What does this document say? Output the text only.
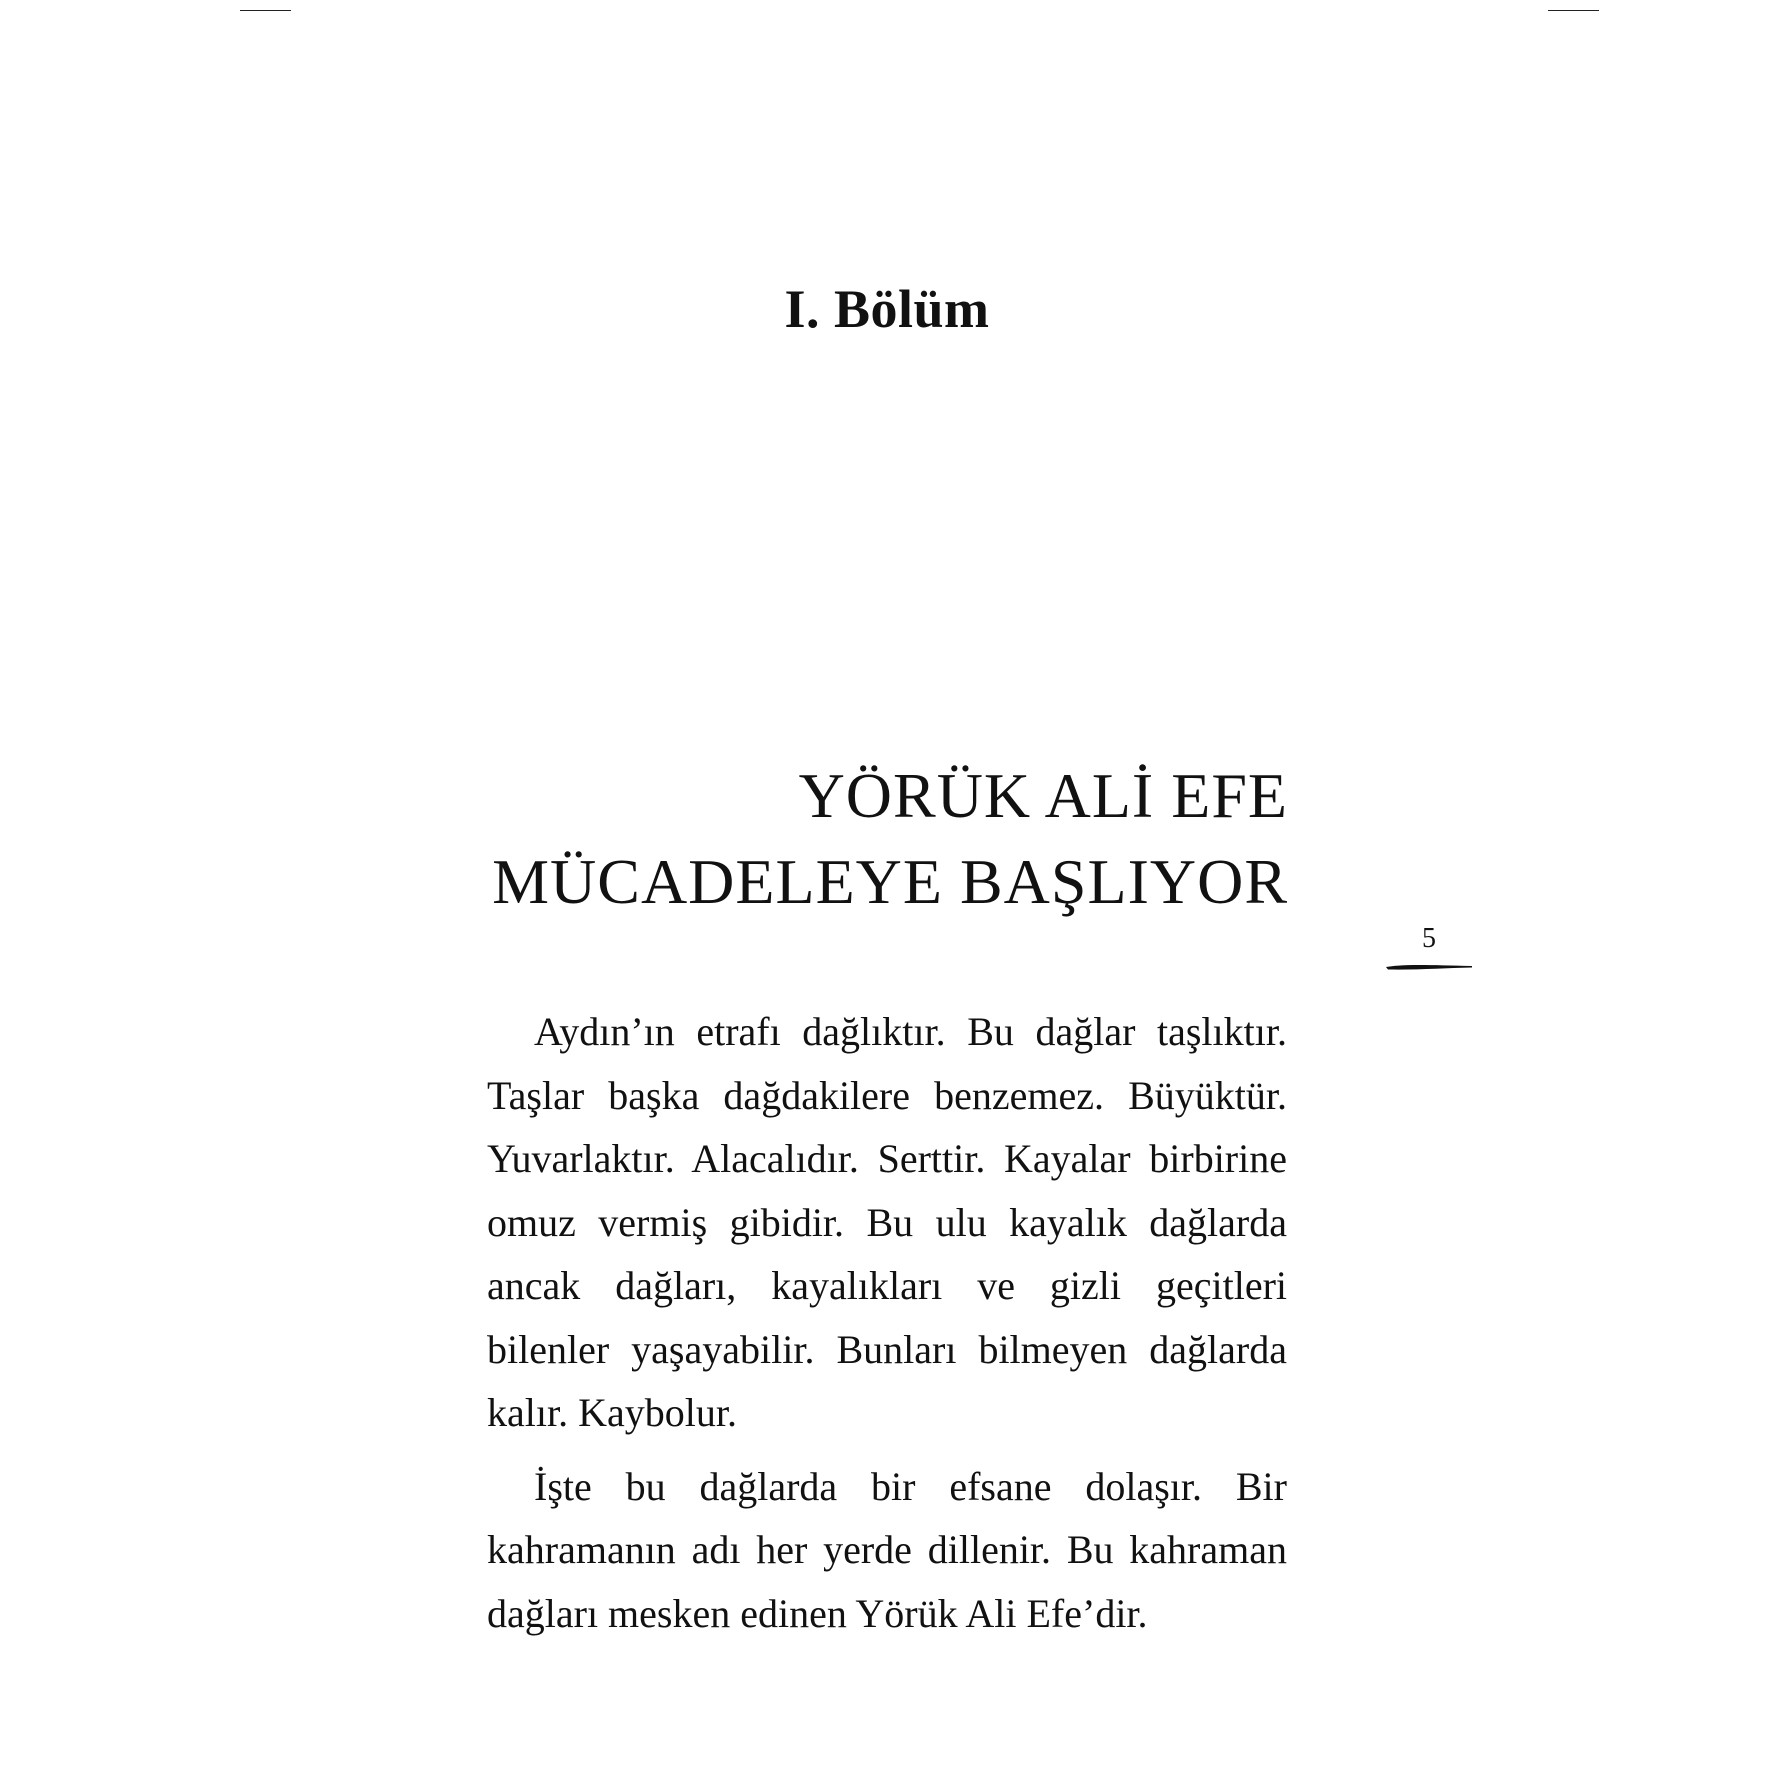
I. Bölüm
YÖRÜK ALİ EFE
MÜCADELEYE BAŞLIYOR
5

Aydın’ın etrafı dağlıktır. Bu dağlar taşlıktır. Taşlar başka dağdakilere benzemez. Büyüktür. Yuvarlaktır. Alacalıdır. Serttir. Kayalar birbirine omuz vermiş gibidir. Bu ulu kayalık dağlarda ancak dağları, kayalıkları ve gizli geçitleri bilenler yaşayabilir. Bunları bilmeyen dağlarda kalır. Kaybolur.

İşte bu dağlarda bir efsane dolaşır. Bir kahramanın adı her yerde dillenir. Bu kahraman dağları mesken edinen Yörük Ali Efe’dir.
